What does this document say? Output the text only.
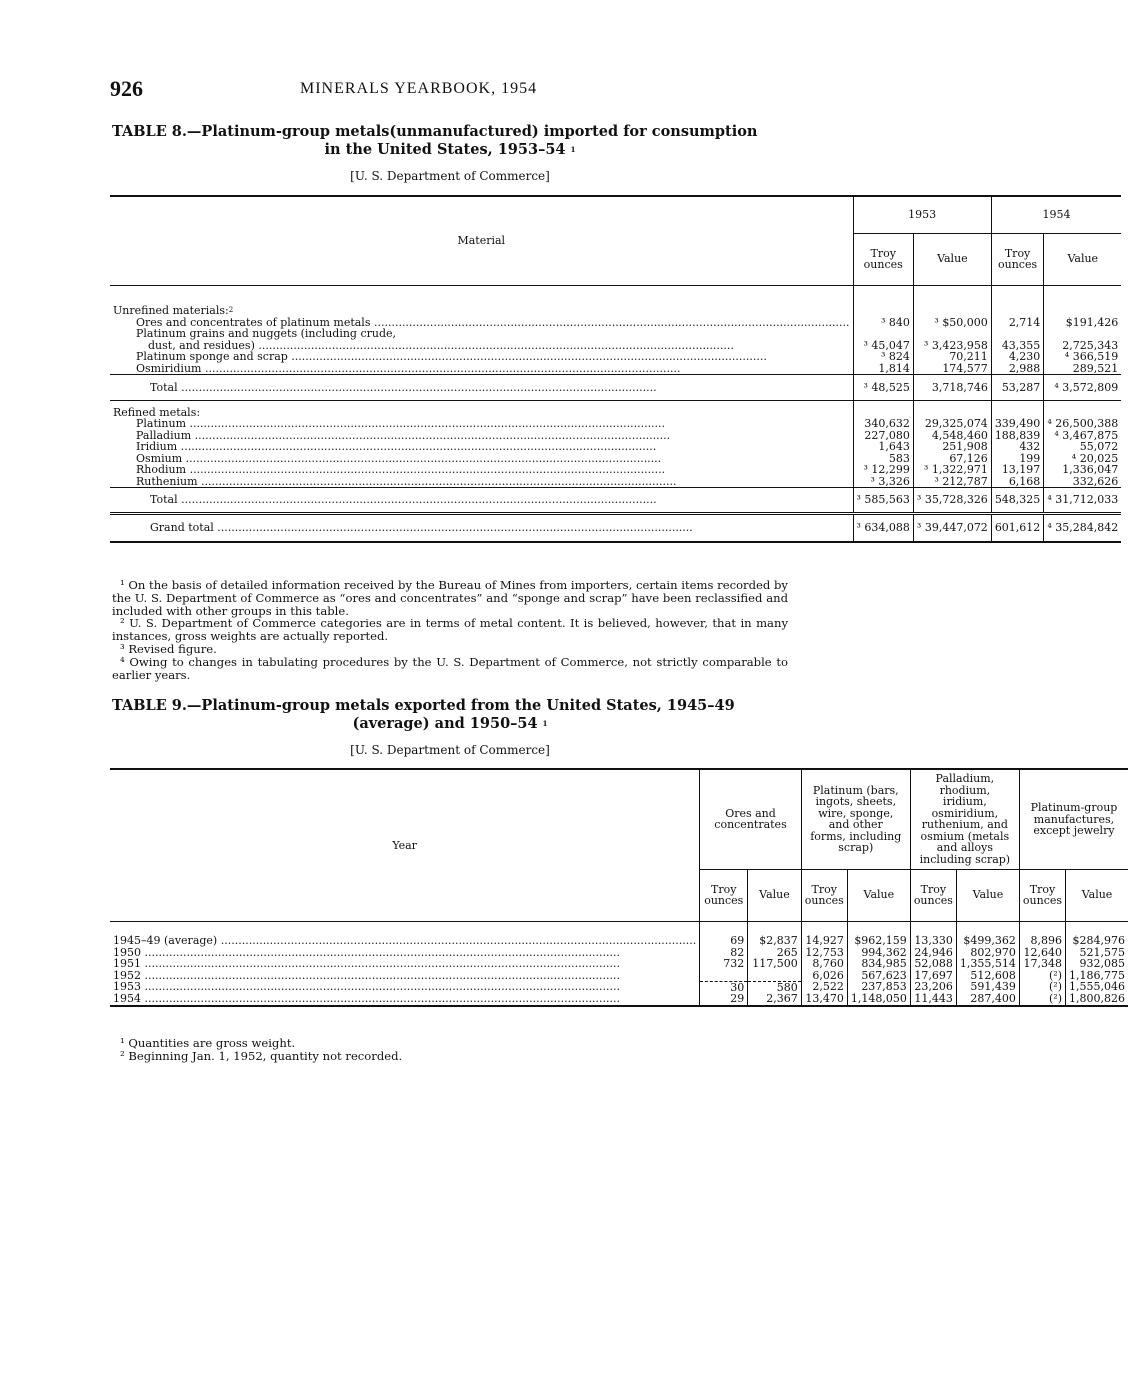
926	MINERALS YEARBOOK, 1954
TABLE 8.—Platinum-group metals(unmanufactured) imported for consumption
in the United States, 1953–54 $^1$
[U. S. Department of Commerce]
Material	1953		1954	
	Troy ounces	Value	Troy ounces	Value

Unrefined materials:$^2$				
Ores and concentrates of platinum metals .....	³ 840	³ $50,000	2,714	$191,426
Platinum grains and nuggets (including crude,				
dust, and residues) .....	³ 45,047	³ 3,423,958	43,355	2,725,343
Platinum sponge and scrap .....	³ 824	70,211	4,230	⁴ 366,519
Osmiridium .....	1,814	174,577	2,988	289,521
Total .....	³ 48,525	3,718,746	53,287	⁴ 3,572,809

Refined metals:				
Platinum .....	340,632	29,325,074	339,490	⁴ 26,500,388
Palladium .....	227,080	4,548,460	188,839	⁴ 3,467,875
Iridium .....	1,643	251,908	432	55,072
Osmium .....	583	67,126	199	⁴ 20,025
Rhodium .....	³ 12,299	³ 1,322,971	13,197	1,336,047
Ruthenium .....	³ 3,326	³ 212,787	6,168	332,626
Total .....	³ 585,563	³ 35,728,326	548,325	⁴ 31,712,033
Grand total .....	³ 634,088	³ 39,447,072	601,612	⁴ 35,284,842

¹ On the basis of detailed information received by the Bureau of Mines from importers, certain items recorded by the U. S. Department of Commerce as “ores and concentrates” and “sponge and scrap” have been reclassified and included with other groups in this table.

² U. S. Department of Commerce categories are in terms of metal content. It is believed, however, that in many instances, gross weights are actually reported.

³ Revised figure.

⁴ Owing to changes in tabulating procedures by the U. S. Department of Commerce, not strictly comparable to earlier years.

TABLE 9.—Platinum-group metals exported from the United States, 1945–49
(average) and 1950–54 $^1$
[U. S. Department of Commerce]
Year	Ores and concentrates		Platinum (bars, ingots, sheets, wire, sponge, and other forms, including scrap)		Palladium, rhodium, iridium, osmiridium, ruthenium, and osmium (metals and alloys including scrap)		Platinum-group manufactures, except jewelry	
	Troy ounces	Value	Troy ounces	Value	Troy ounces	Value	Troy ounces	Value

1945–49 (average) .....	69	$2,837	14,927	$962,159	13,330	$499,362	8,896	$284,976
1950 .....	82	265	12,753	994,362	24,946	802,970	12,640	521,575
1951 .....	732	117,500	8,760	834,985	52,088	1,355,514	17,348	932,085
1952 .....			6,026	567,623	17,697	512,608	(²)	1,186,775
1953 .....	30	580	2,522	237,853	23,206	591,439	(²)	1,555,046
1954 .....	29	2,367	13,470	1,148,050	11,443	287,400	(²)	1,800,826

¹ Quantities are gross weight.

² Beginning Jan. 1, 1952, quantity not recorded.
